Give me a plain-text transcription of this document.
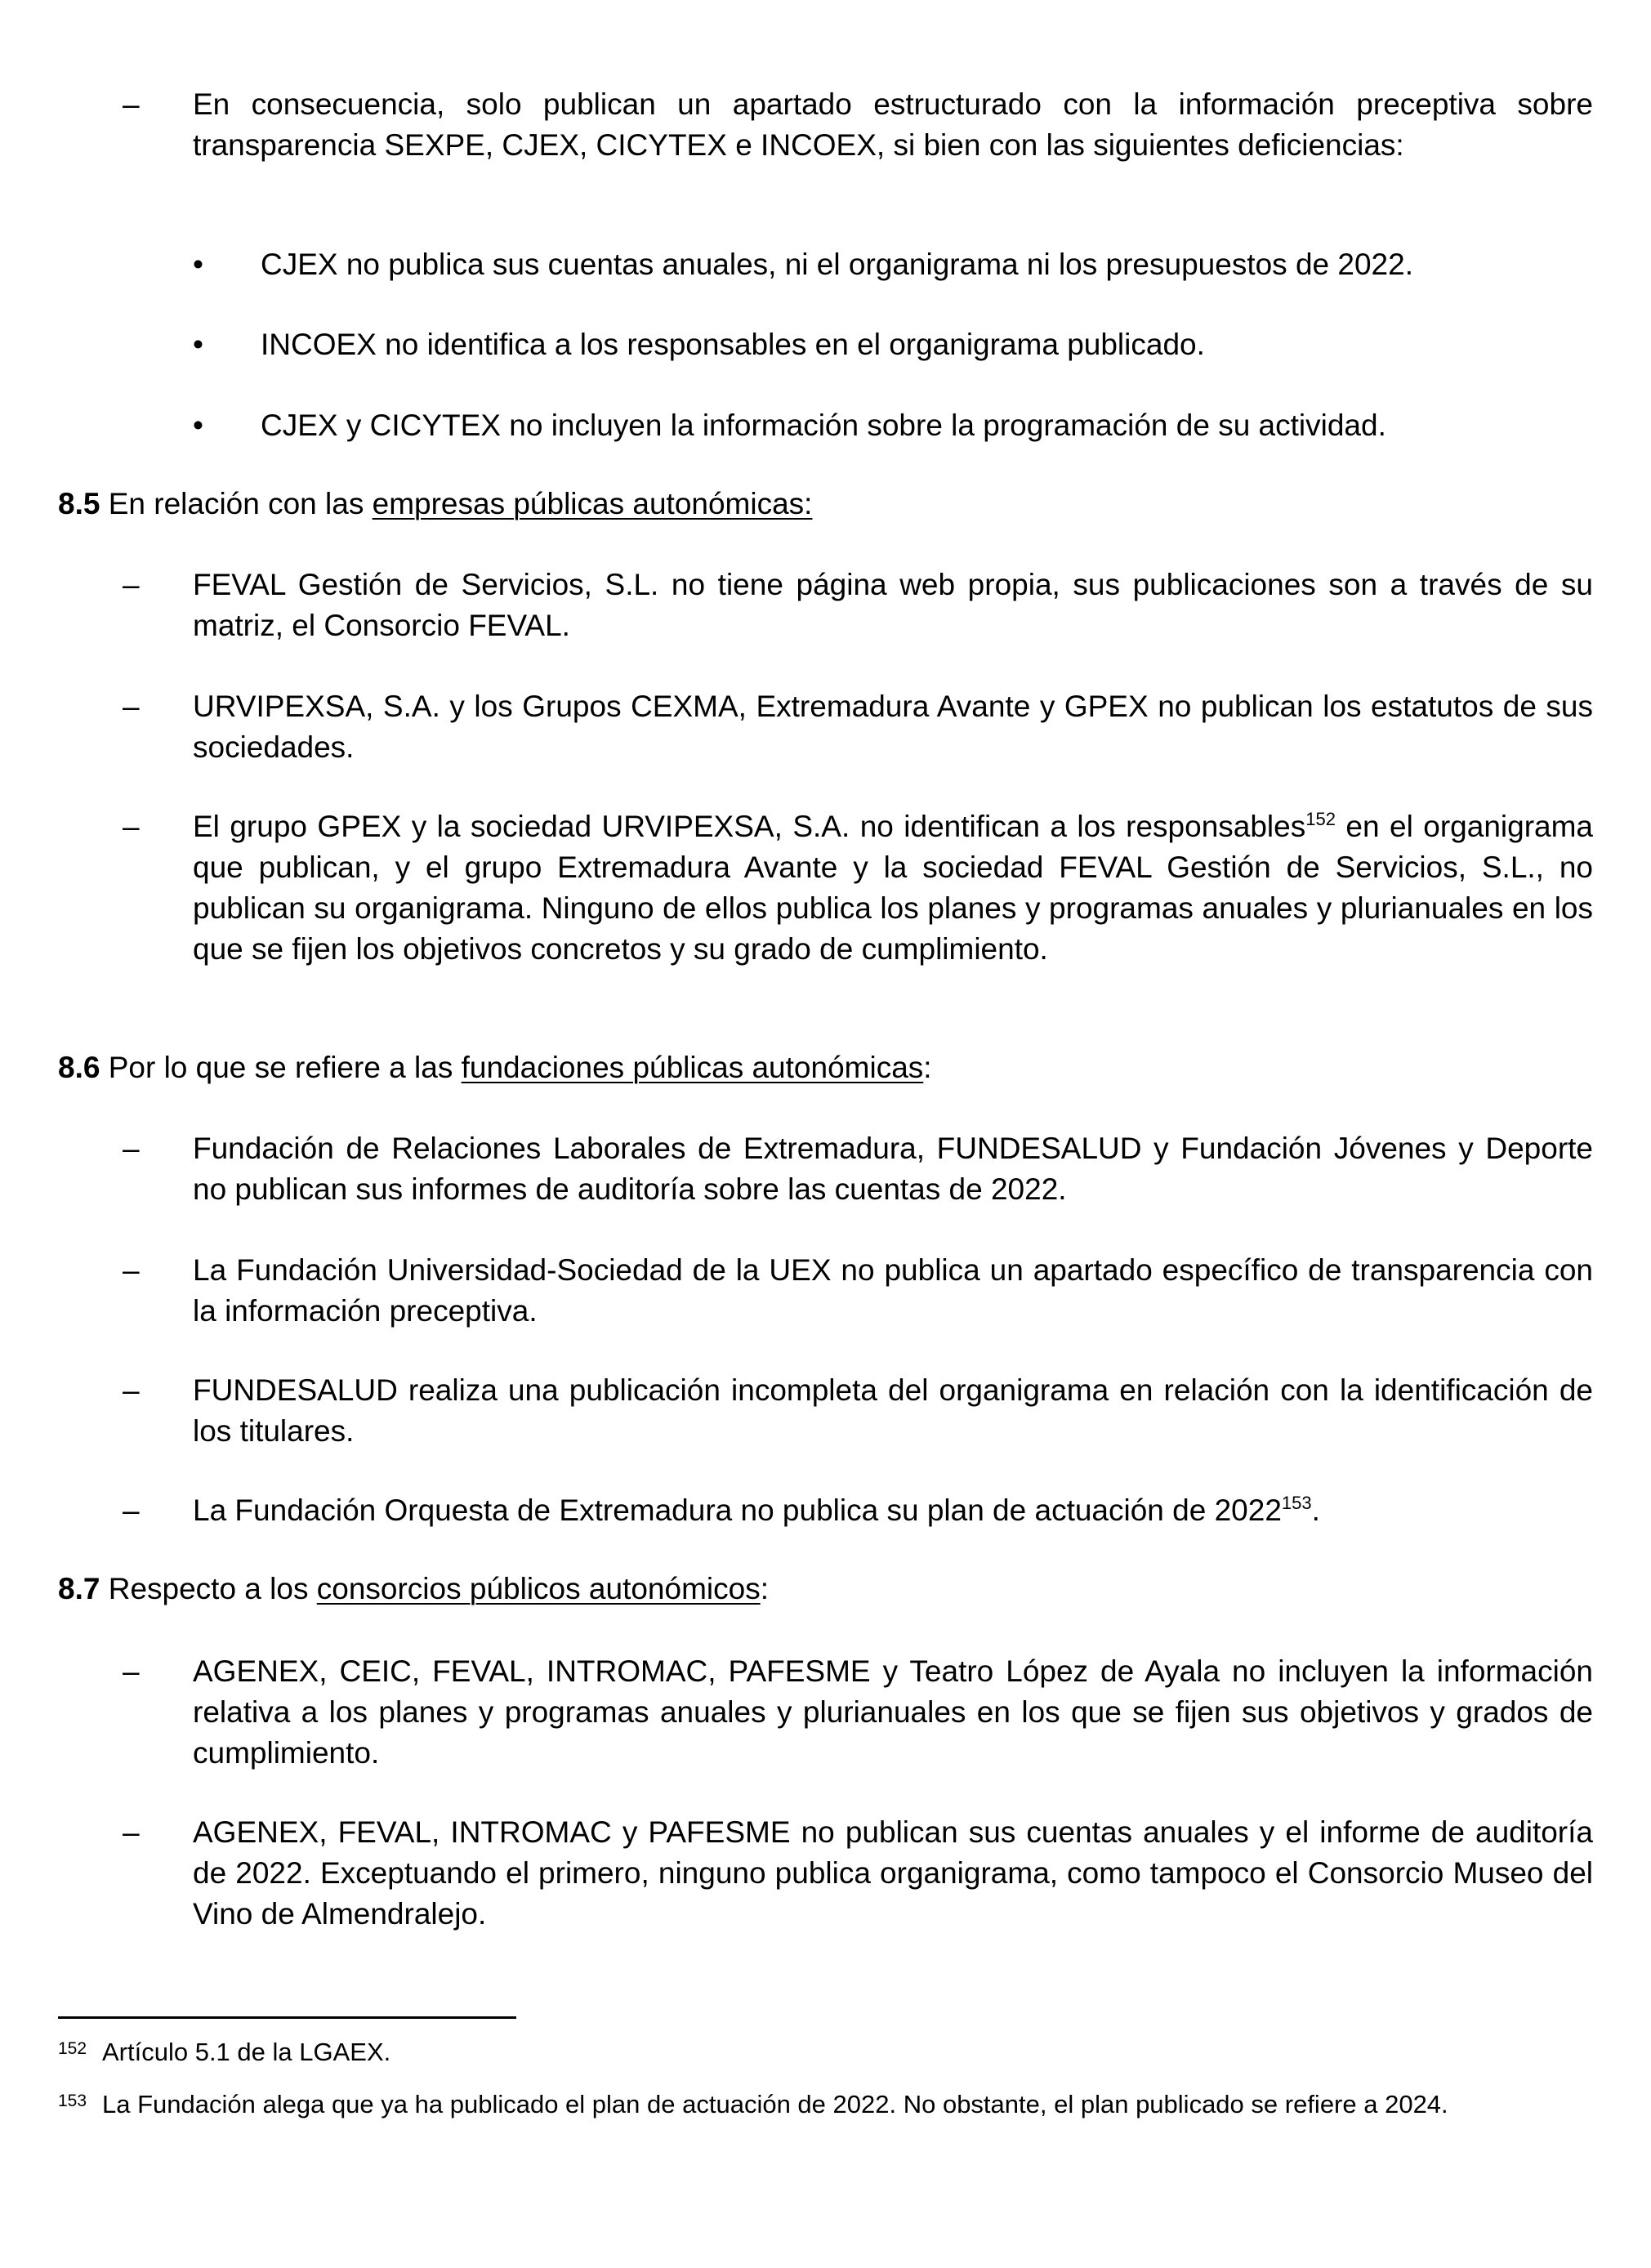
–	En consecuencia, solo publican un apartado estructurado con la información preceptiva sobre transparencia SEXPE, CJEX, CICYTEX e INCOEX, si bien con las siguientes deficiencias:
• CJEX no publica sus cuentas anuales, ni el organigrama ni los presupuestos de 2022.
• INCOEX no identifica a los responsables en el organigrama publicado.
• CJEX y CICYTEX no incluyen la información sobre la programación de su actividad.
8.5 En relación con las empresas públicas autonómicas:
–	FEVAL Gestión de Servicios, S.L. no tiene página web propia, sus publicaciones son a través de su matriz, el Consorcio FEVAL.
–	URVIPEXSA, S.A. y los Grupos CEXMA, Extremadura Avante y GPEX no publican los estatutos de sus sociedades.
–	El grupo GPEX y la sociedad URVIPEXSA, S.A. no identifican a los responsables$^{152}$ en el organigrama que publican, y el grupo Extremadura Avante y la sociedad FEVAL Gestión de Servicios, S.L., no publican su organigrama. Ninguno de ellos publica los planes y programas anuales y plurianuales en los que se fijen los objetivos concretos y su grado de cumplimiento.
8.6 Por lo que se refiere a las fundaciones públicas autonómicas:
–	Fundación de Relaciones Laborales de Extremadura, FUNDESALUD y Fundación Jóvenes y Deporte no publican sus informes de auditoría sobre las cuentas de 2022.
–	La Fundación Universidad-Sociedad de la UEX no publica un apartado específico de transparencia con la información preceptiva.
–	FUNDESALUD realiza una publicación incompleta del organigrama en relación con la identificación de los titulares.
–	La Fundación Orquesta de Extremadura no publica su plan de actuación de 2022$^{153}$.
8.7 Respecto a los consorcios públicos autonómicos:
–	AGENEX, CEIC, FEVAL, INTROMAC, PAFESME y Teatro López de Ayala no incluyen la información relativa a los planes y programas anuales y plurianuales en los que se fijen sus objetivos y grados de cumplimiento.
–	AGENEX, FEVAL, INTROMAC y PAFESME no publican sus cuentas anuales y el informe de auditoría de 2022. Exceptuando el primero, ninguno publica organigrama, como tampoco el Consorcio Museo del Vino de Almendralejo.
152 Artículo 5.1 de la LGAEX.
153 La Fundación alega que ya ha publicado el plan de actuación de 2022. No obstante, el plan publicado se refiere a 2024.
